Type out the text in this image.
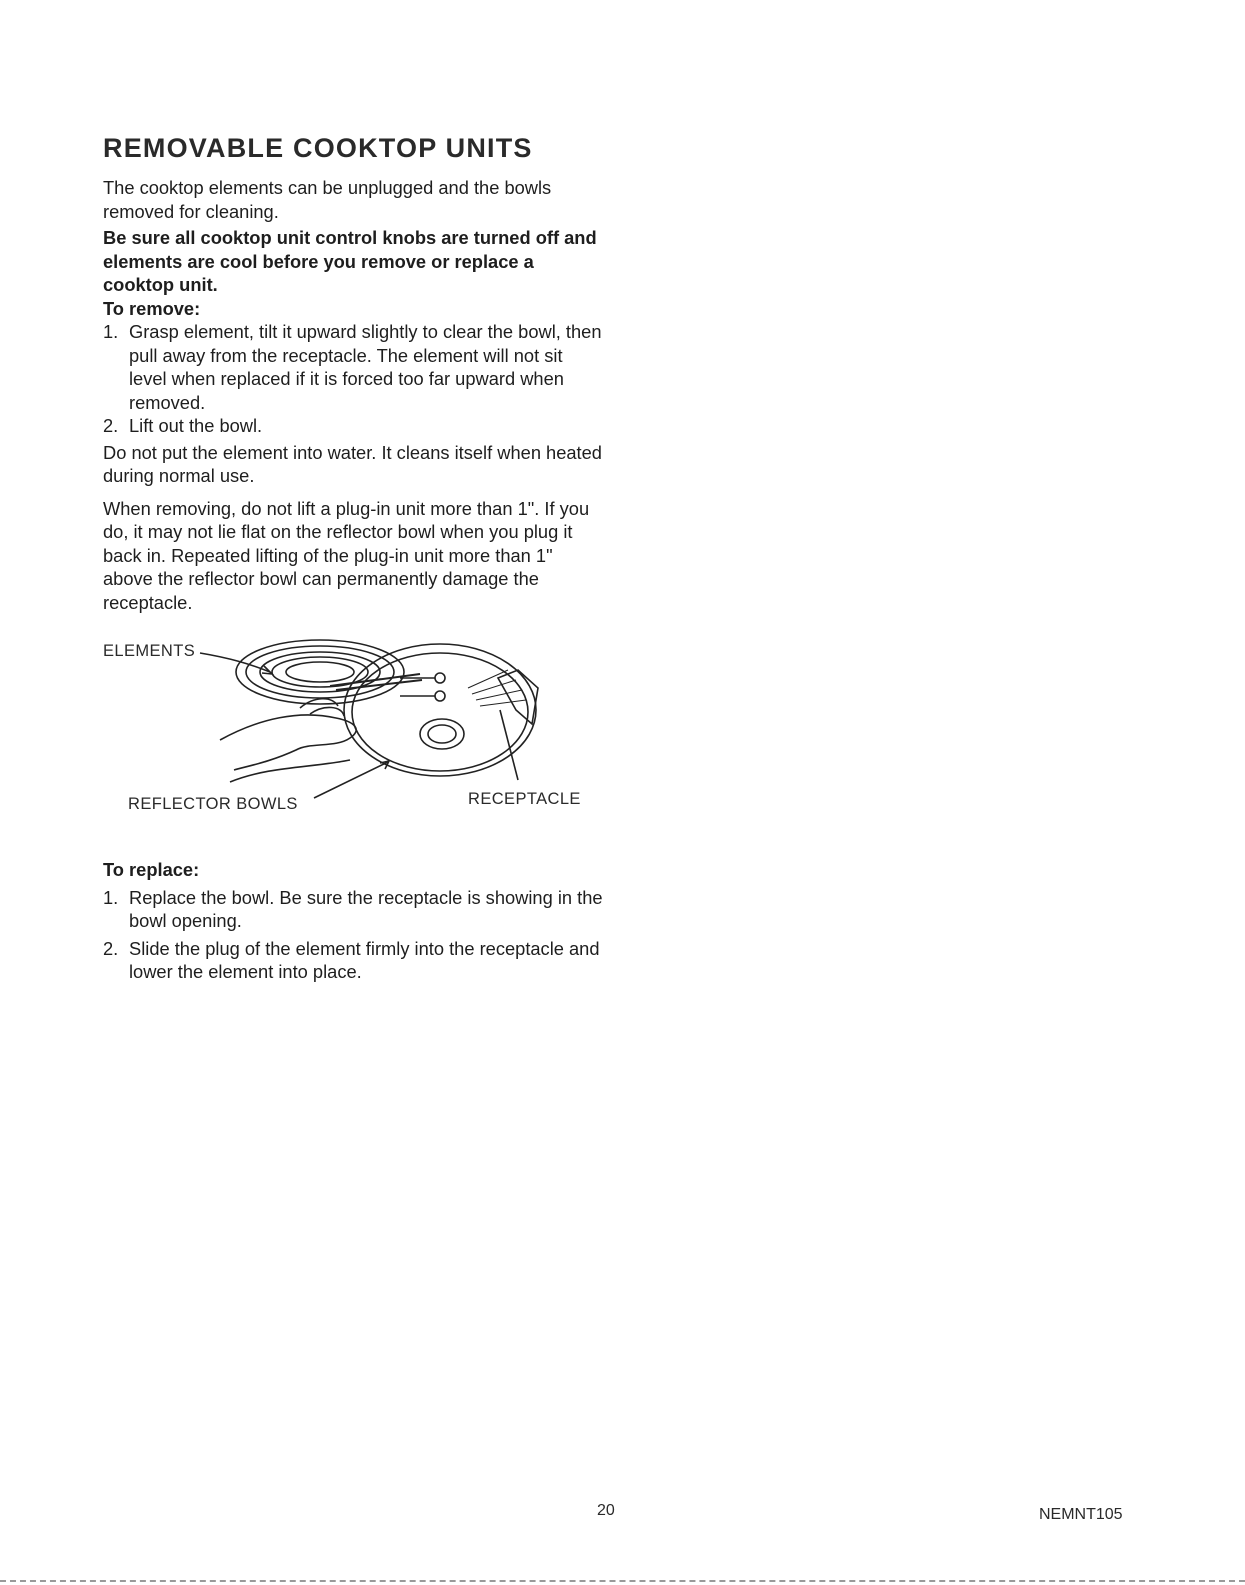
REMOVABLE COOKTOP UNITS

The cooktop elements can be unplugged and the bowls removed for cleaning.

Be sure all cooktop unit control knobs are turned off and elements are cool before you remove or replace a cooktop unit.

To remove:

1. Grasp element, tilt it upward slightly to clear the bowl, then pull away from the receptacle. The element will not sit level when replaced if it is forced too far upward when removed.
2. Lift out the bowl.

Do not put the element into water. It cleans itself when heated during normal use.

When removing, do not lift a plug-in unit more than 1". If you do, it may not lie flat on the reflector bowl when you plug it back in. Repeated lifting of the plug-in unit more than 1" above the reflector bowl can permanently damage the receptacle.

ELEMENTS
REFLECTOR BOWLS	RECEPTACLE

To replace:

1. Replace the bowl. Be sure the receptacle is showing in the bowl opening.
2. Slide the plug of the element firmly into the receptacle and lower the element into place.
20	NEMNT105
